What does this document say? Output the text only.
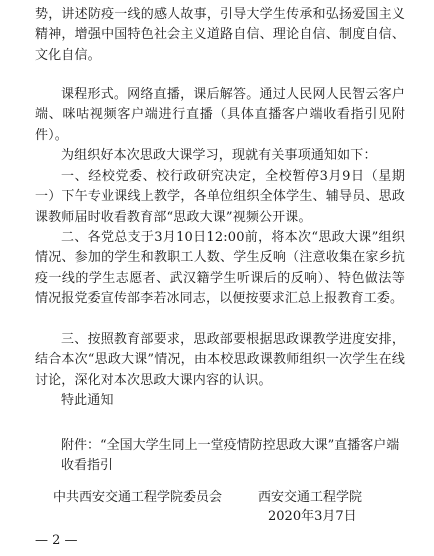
势，讲述防疫一线的感人故事，引导大学生传承和弘扬爱国主义精神，增强中国特色社会主义道路自信、理论自信、制度自信、文化自信。

课程形式。网络直播，课后解答。通过人民网人民智云客户端、咪咕视频客户端进行直播（具体直播客户端收看指引见附件）。

为组织好本次思政大课学习，现就有关事项通知如下：

一、经校党委、校行政研究决定，全校暂停3月9日（星期一）下午专业课线上教学，各单位组织全体学生、辅导员、思政课教师届时收看教育部“思政大课”视频公开课。

二、各党总支于3月10日12:00前，将本次“思政大课”组织情况、参加的学生和教职工人数、学生反响（注意收集在家乡抗疫一线的学生志愿者、武汉籍学生听课后的反响）、特色做法等情况报党委宣传部李若冰同志，以便按要求汇总上报教育工委。

三、按照教育部要求，思政部要根据思政课教学进度安排，结合本次“思政大课”情况，由本校思政课教师组织一次学生在线讨论，深化对本次思政大课内容的认识。

特此通知

附件：“全国大学生同上一堂疫情防控思政大课”直播客户端收看指引

中共西安交通工程学院委员会	西安交通工程学院

2020年3月7日

— 2 —
